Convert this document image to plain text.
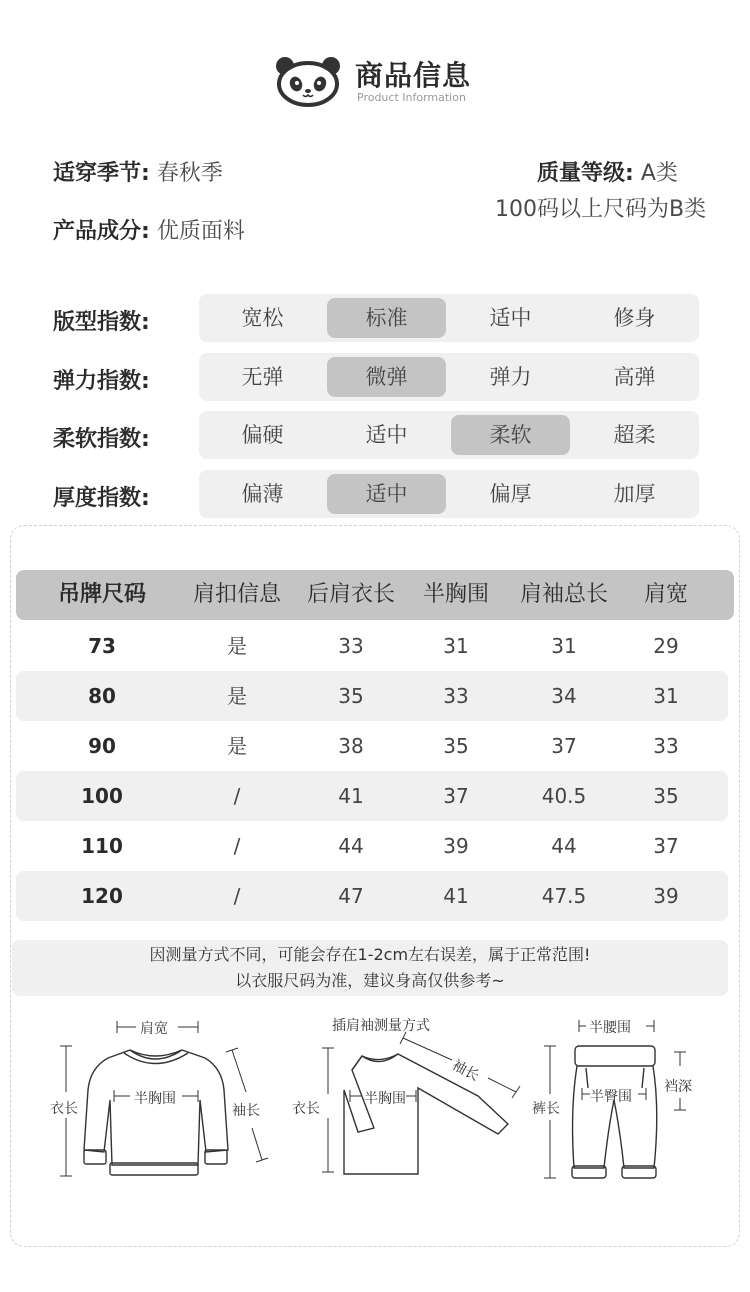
商品信息
Product Information
适穿季节: 春秋季
产品成分: 优质面料
质量等级: A类
100码以上尺码为B类
版型指数:	宽松	标准	适中	修身
弹力指数:	无弹	微弹	弹力	高弹
柔软指数:	偏硬	适中	柔软	超柔
厚度指数:	偏薄	适中	偏厚	加厚
吊牌尺码 肩扣信息 后肩衣长 半胸围 肩袖总长 肩宽
73	是	33	31	31	29
80	是	35	33	34	31
90	是	38	35	37	33
100	/	41	37	40.5	35
110	/	44	39	44	37
120	/	47	41	47.5	39
因测量方式不同，可能会存在1-2cm左右误差，属于正常范围!
以衣服尺码为准，建议身高仅供参考~
肩宽
半胸围
衣长	袖长
插肩袖测量方式
半胸围
衣长
袖长
半腰围
半臀围
裤长
裆深
